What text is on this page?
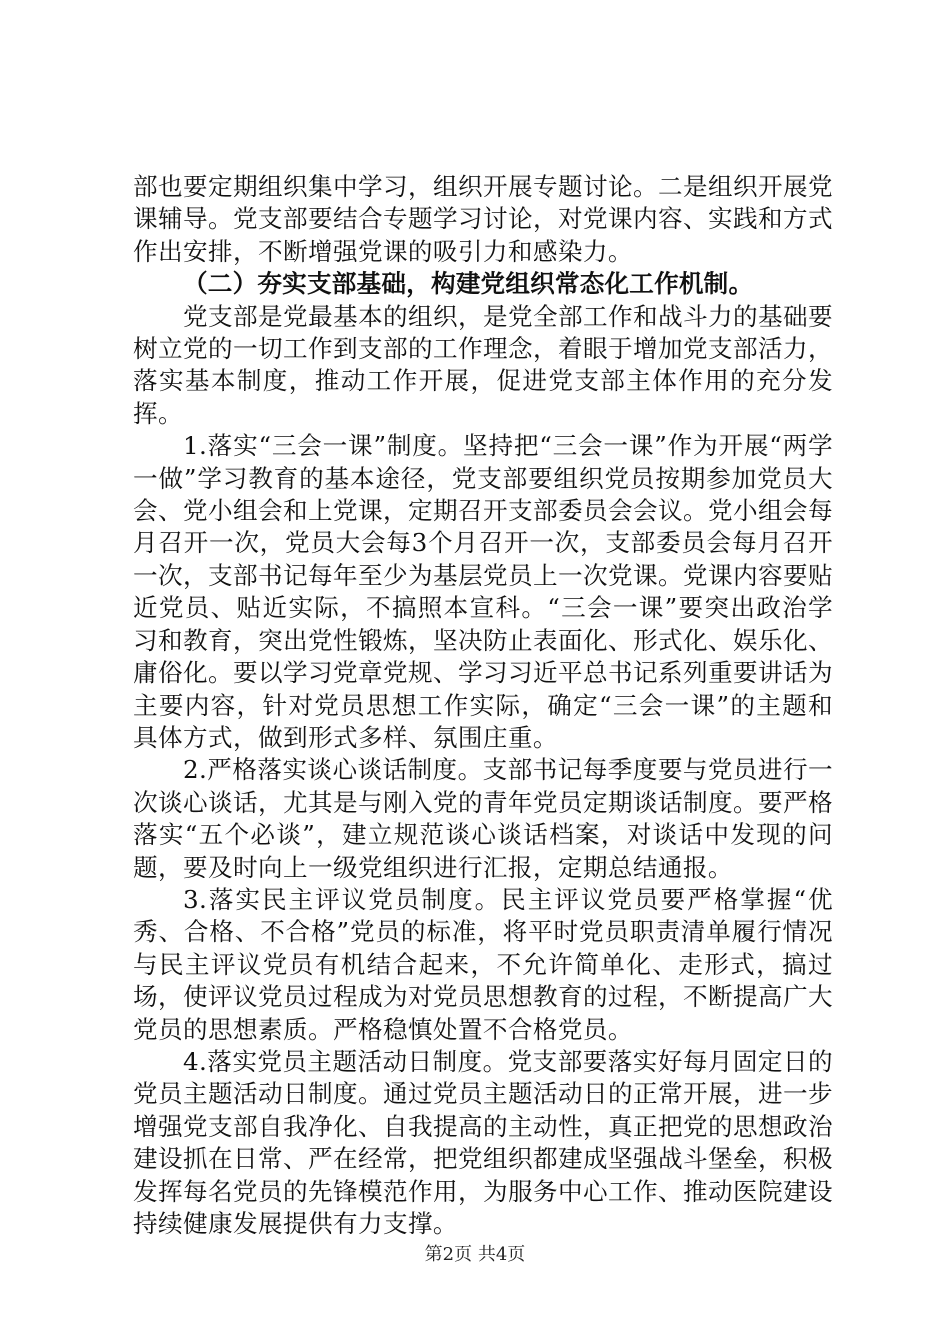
部也要定期组织集中学习，组织开展专题讨论。二是组织开展党课辅导。党支部要结合专题学习讨论，对党课内容、实践和方式作出安排，不断增强党课的吸引力和感染力。

（二）夯实支部基础，构建党组织常态化工作机制。

党支部是党最基本的组织，是党全部工作和战斗力的基础要树立党的一切工作到支部的工作理念，着眼于增加党支部活力，落实基本制度，推动工作开展，促进党支部主体作用的充分发挥。

1.落实“三会一课”制度。坚持把“三会一课”作为开展“两学一做”学习教育的基本途径，党支部要组织党员按期参加党员大会、党小组会和上党课，定期召开支部委员会会议。党小组会每月召开一次，党员大会每3个月召开一次，支部委员会每月召开一次，支部书记每年至少为基层党员上一次党课。党课内容要贴近党员、贴近实际，不搞照本宣科。“三会一课”要突出政治学习和教育，突出党性锻炼，坚决防止表面化、形式化、娱乐化、庸俗化。要以学习党章党规、学习习近平总书记系列重要讲话为主要内容，针对党员思想工作实际，确定“三会一课”的主题和具体方式，做到形式多样、氛围庄重。

2.严格落实谈心谈话制度。支部书记每季度要与党员进行一次谈心谈话，尤其是与刚入党的青年党员定期谈话制度。要严格落实“五个必谈”，建立规范谈心谈话档案，对谈话中发现的问题，要及时向上一级党组织进行汇报，定期总结通报。

3.落实民主评议党员制度。民主评议党员要严格掌握“优秀、合格、不合格”党员的标准，将平时党员职责清单履行情况与民主评议党员有机结合起来，不允许简单化、走形式，搞过场，使评议党员过程成为对党员思想教育的过程，不断提高广大党员的思想素质。严格稳慎处置不合格党员。

4.落实党员主题活动日制度。党支部要落实好每月固定日的党员主题活动日制度。通过党员主题活动日的正常开展，进一步增强党支部自我净化、自我提高的主动性，真正把党的思想政治建设抓在日常、严在经常，把党组织都建成坚强战斗堡垒，积极发挥每名党员的先锋模范作用，为服务中心工作、推动医院建设持续健康发展提供有力支撑。

第2页 共4页
